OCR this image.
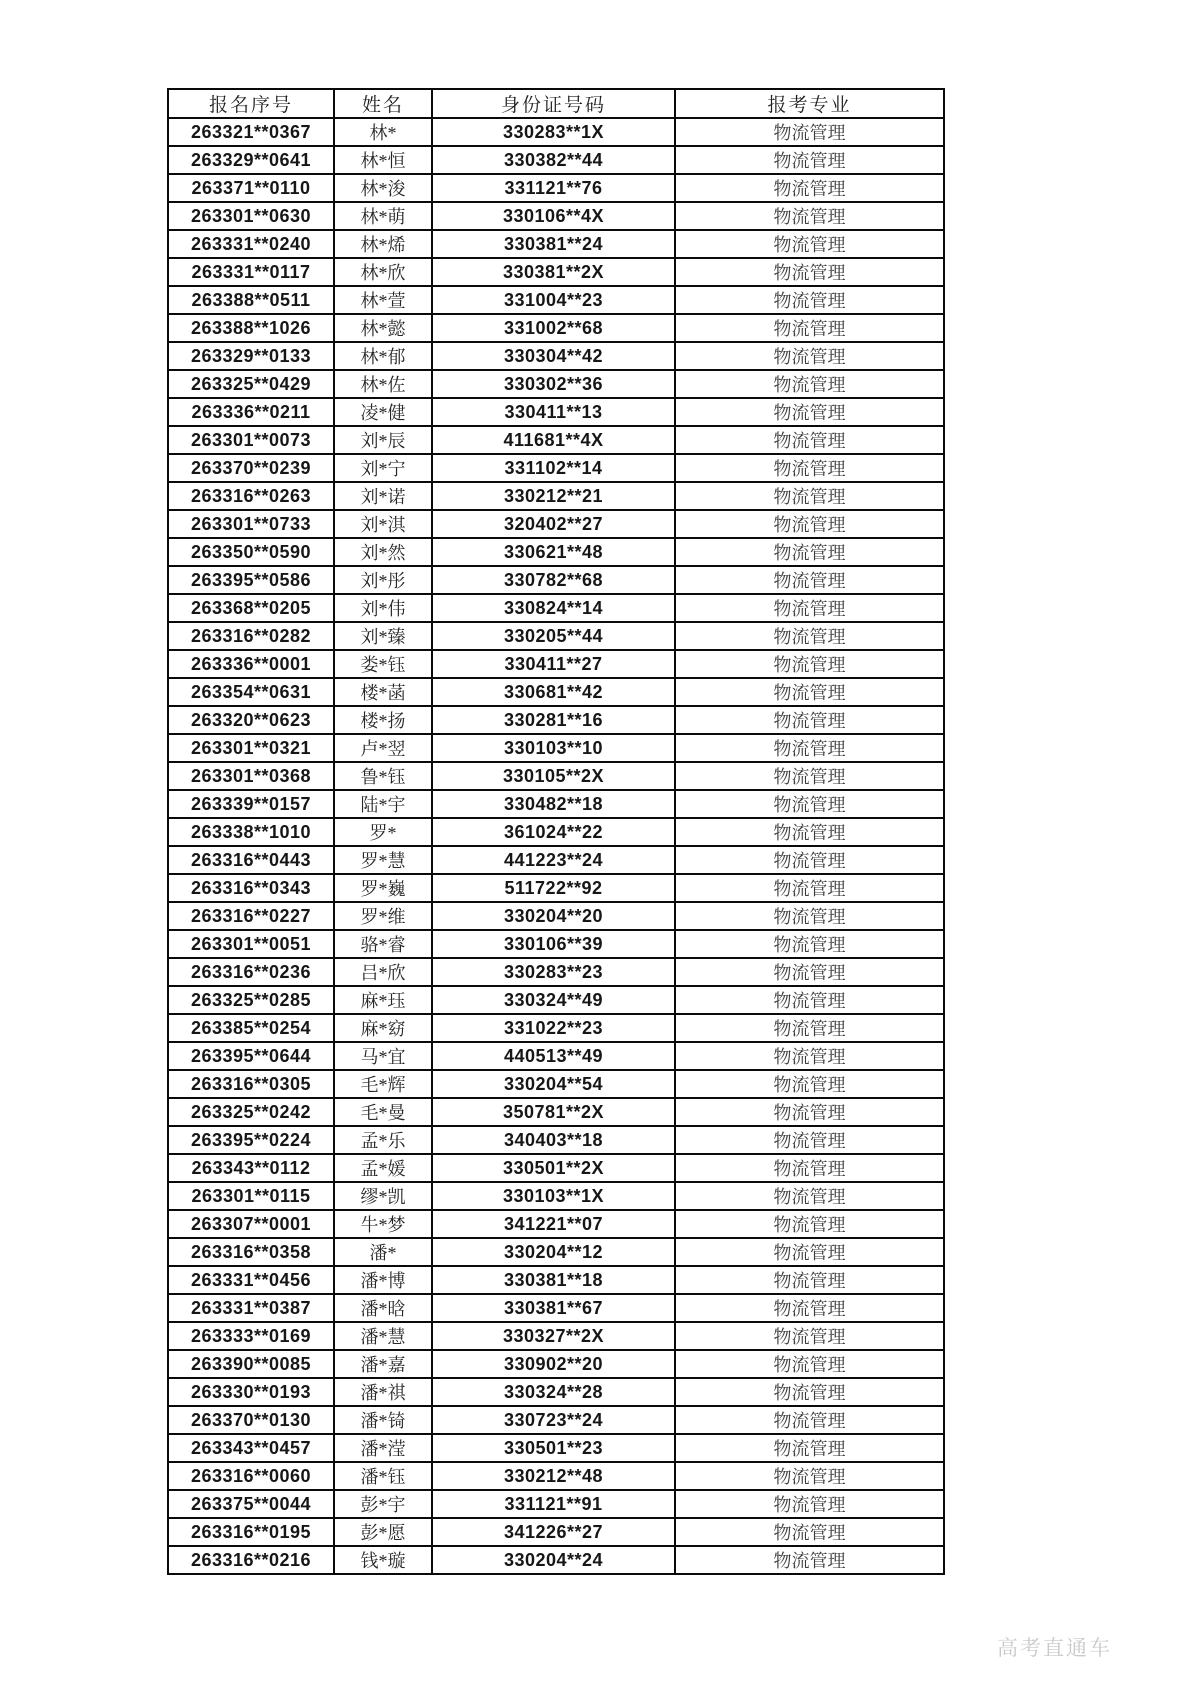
报名序号	姓名	身份证号码	报考专业
263321**0367	林*	330283**1X	物流管理
263329**0641	林*恒	330382**44	物流管理
263371**0110	林*浚	331121**76	物流管理
263301**0630	林*萌	330106**4X	物流管理
263331**0240	林*烯	330381**24	物流管理
263331**0117	林*欣	330381**2X	物流管理
263388**0511	林*萱	331004**23	物流管理
263388**1026	林*懿	331002**68	物流管理
263329**0133	林*郁	330304**42	物流管理
263325**0429	林*佐	330302**36	物流管理
263336**0211	凌*健	330411**13	物流管理
263301**0073	刘*辰	411681**4X	物流管理
263370**0239	刘*宁	331102**14	物流管理
263316**0263	刘*诺	330212**21	物流管理
263301**0733	刘*淇	320402**27	物流管理
263350**0590	刘*然	330621**48	物流管理
263395**0586	刘*彤	330782**68	物流管理
263368**0205	刘*伟	330824**14	物流管理
263316**0282	刘*臻	330205**44	物流管理
263336**0001	娄*钰	330411**27	物流管理
263354**0631	楼*菡	330681**42	物流管理
263320**0623	楼*扬	330281**16	物流管理
263301**0321	卢*翌	330103**10	物流管理
263301**0368	鲁*钰	330105**2X	物流管理
263339**0157	陆*宇	330482**18	物流管理
263338**1010	罗*	361024**22	物流管理
263316**0443	罗*慧	441223**24	物流管理
263316**0343	罗*巍	511722**92	物流管理
263316**0227	罗*维	330204**20	物流管理
263301**0051	骆*睿	330106**39	物流管理
263316**0236	吕*欣	330283**23	物流管理
263325**0285	麻*珏	330324**49	物流管理
263385**0254	麻*窈	331022**23	物流管理
263395**0644	马*宜	440513**49	物流管理
263316**0305	毛*辉	330204**54	物流管理
263325**0242	毛*曼	350781**2X	物流管理
263395**0224	孟*乐	340403**18	物流管理
263343**0112	孟*媛	330501**2X	物流管理
263301**0115	缪*凯	330103**1X	物流管理
263307**0001	牛*梦	341221**07	物流管理
263316**0358	潘*	330204**12	物流管理
263331**0456	潘*博	330381**18	物流管理
263331**0387	潘*晗	330381**67	物流管理
263333**0169	潘*慧	330327**2X	物流管理
263390**0085	潘*嘉	330902**20	物流管理
263330**0193	潘*祺	330324**28	物流管理
263370**0130	潘*锜	330723**24	物流管理
263343**0457	潘*滢	330501**23	物流管理
263316**0060	潘*钰	330212**48	物流管理
263375**0044	彭*宇	331121**91	物流管理
263316**0195	彭*愿	341226**27	物流管理
263316**0216	钱*璇	330204**24	物流管理
高考直通车
